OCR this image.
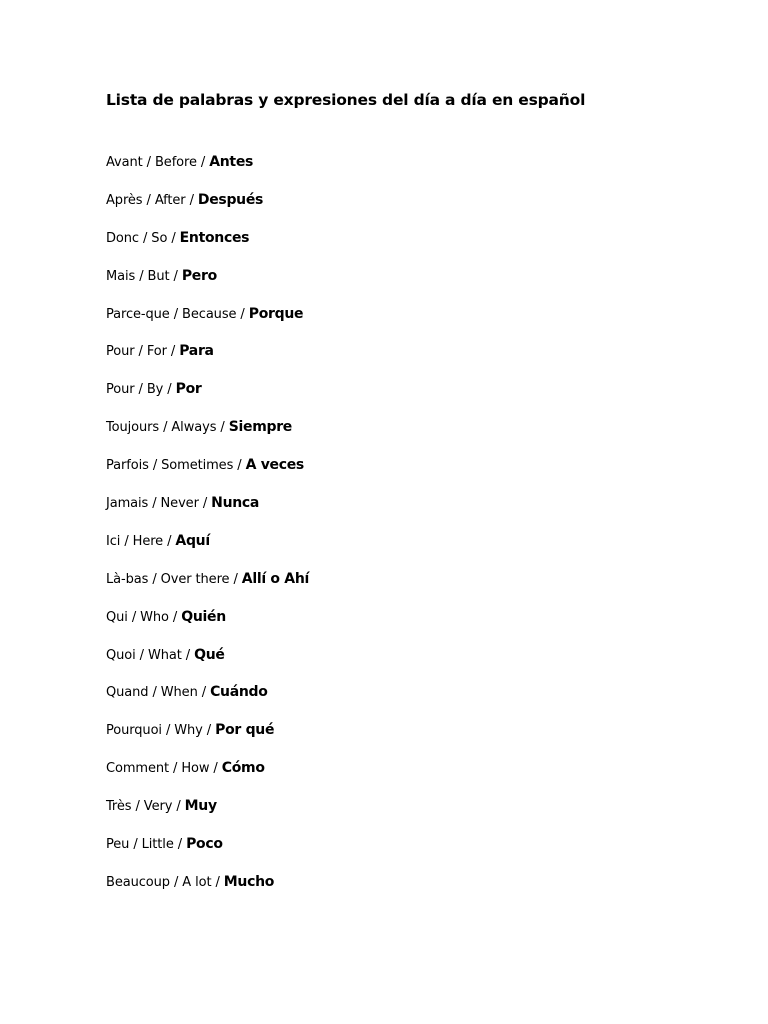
Lista de palabras y expresiones del día a día en español
Avant / Before / Antes
Après / After / Después
Donc / So / Entonces
Mais / But / Pero
Parce-que / Because / Porque
Pour / For / Para
Pour / By / Por
Toujours / Always / Siempre
Parfois / Sometimes / A veces
Jamais / Never / Nunca
Ici / Here / Aquí
Là-bas / Over there / Allí o Ahí
Qui / Who / Quién
Quoi / What / Qué
Quand / When / Cuándo
Pourquoi / Why / Por qué
Comment / How / Cómo
Très / Very / Muy
Peu / Little / Poco
Beaucoup / A lot / Mucho
